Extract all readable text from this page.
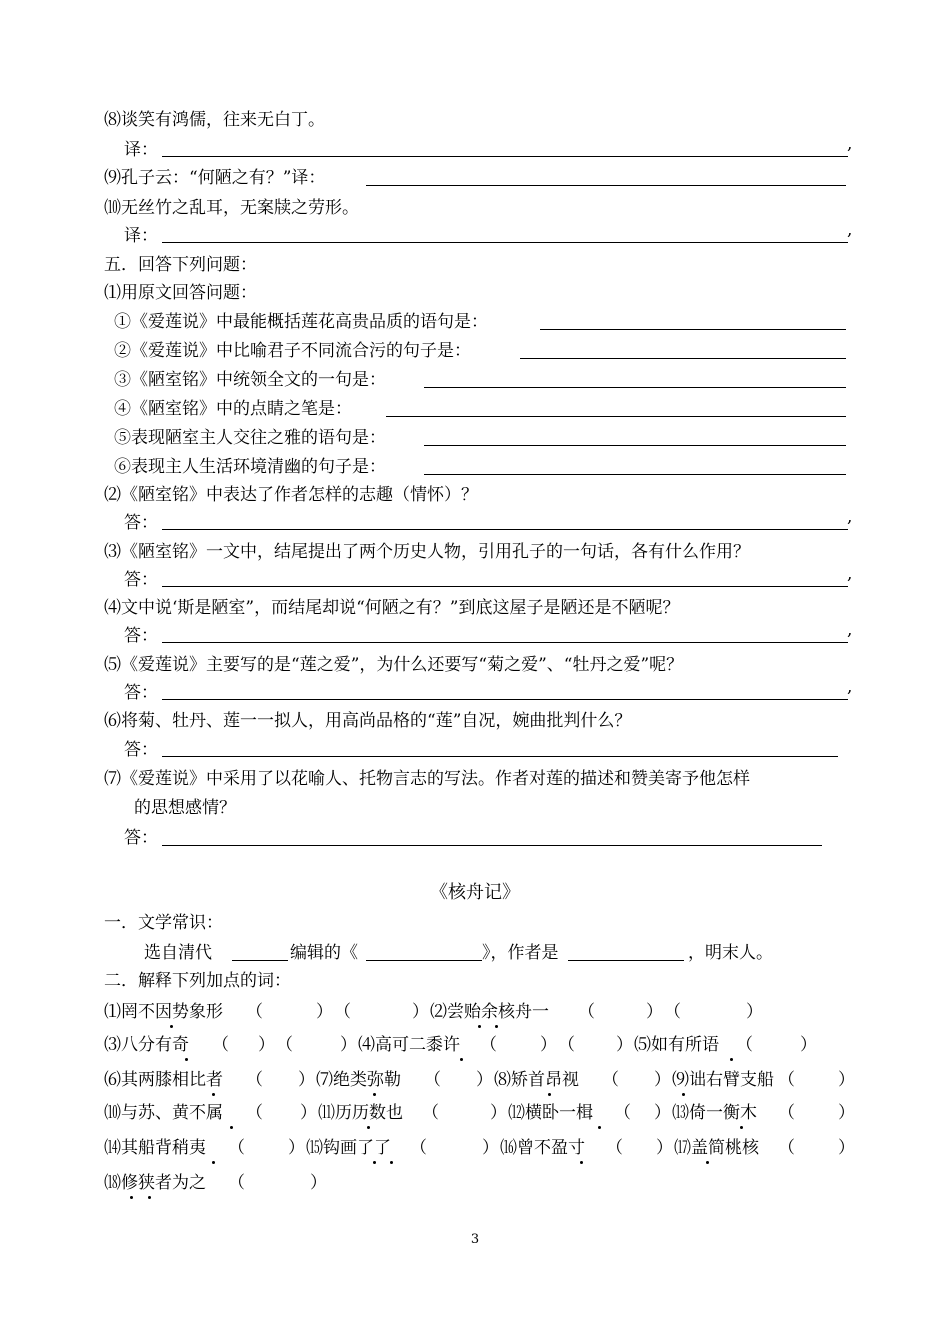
⑻谈笑有鸿儒，往来无白丁。
译：	,
⑼孔子云：“何陋之有？”译：
⑽无丝竹之乱耳，无案牍之劳形。
译：	,
五．回答下列问题：
⑴用原文回答问题：
①《爱莲说》中最能概括莲花高贵品质的语句是：
②《爱莲说》中比喻君子不同流合污的句子是：
③《陋室铭》中统领全文的一句是：
④《陋室铭》中的点睛之笔是：
⑤表现陋室主人交往之雅的语句是：
⑥表现主人生活环境清幽的句子是：
⑵《陋室铭》中表达了作者怎样的志趣（情怀）？
答：	,
⑶《陋室铭》一文中，结尾提出了两个历史人物，引用孔子的一句话，各有什么作用？
答：	,
⑷文中说‘斯是陋室”，而结尾却说“何陋之有？”到底这屋子是陋还是不陋呢？
答：	,
⑸《爱莲说》主要写的是“莲之爱”，为什么还要写“菊之爱”、“牡丹之爱”呢？
答：	,
⑹将菊、牡丹、莲一一拟人，用高尚品格的“莲”自况，婉曲批判什么？
答：
⑺《爱莲说》中采用了以花喻人、托物言志的写法。作者对莲的描述和赞美寄予他怎样
的思想感情？
答：
《核舟记》
一．文学常识：
选自清代	编辑的《	》，作者是	，明末人。
二．解释下列加点的词：
⑴罔不因势象形 （	） （	） ⑵尝贻余核舟一 （	） （	）
⑶八分有奇 （ ） （	） ⑷高可二黍许 （	） （ ） ⑸如有所语 （	）
⑹其两膝相比者 （ ） ⑺绝类弥勒 （ ） ⑻矫首昂视 （ ） ⑼诎右臂支船 （	）
⑽与苏、黄不属 （ ） ⑾历历数也 （	） ⑿横卧一楫 （ ） ⒀倚一衡木 （	）
⒁其船背稍夷 （	） ⒂钩画了了 （	） ⒃曾不盈寸 （ ） ⒄盖简桃核 （	）
⒅修狭者为之 （	）
3
